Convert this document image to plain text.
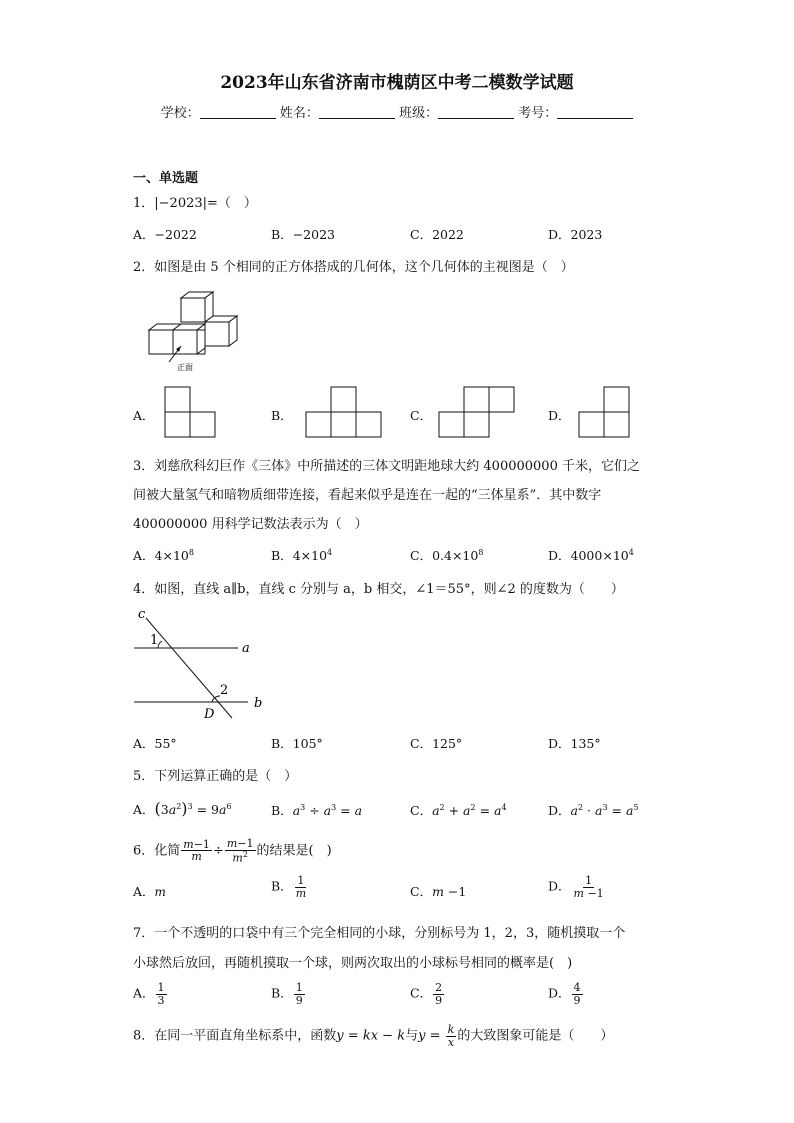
2023年山东省济南市槐荫区中考二模数学试题
学校：	姓名：	班级：	考号：
一、单选题
1．|−2023|=（　）
A．−2022	B．−2023	C．2022	D．2023
2．如图是由 5 个相同的正方体搭成的几何体，这个几何体的主视图是（　）
正面
A．	B．	C．	D．
3．刘慈欣科幻巨作《三体》中所描述的三体文明距地球大约 400000000 千米，它们之
间被大量氢气和暗物质细带连接，看起来似乎是连在一起的“三体星系”．其中数字
400000000 用科学记数法表示为（　）
A．$4\times 10^8$	B．$4\times 10^4$	C．$0.4\times 10^8$	D．$4000\times 10^4$
4．如图，直线 a∥b，直线 c 分别与 a，b 相交，∠1＝55°，则∠2 的度数为（　　）
c
1
a
2
b
D
A．55°	B．105°	C．125°	D．135°
5．下列运算正确的是（　）
A．$(3a^2)^3 = 9a^6$	B．$a^3 \div a^3 = a$	C．$a^2 + a^2 = a^4$	D．$a^2 \cdot a^3 = a^5$
6．化简 $\frac{m-1}{m} \div \frac{m-1}{m^2}$ 的结果是(　)
A．m	B． $\frac{1}{m}$	C．m −1	D． $\frac{1}{m -1}$
7．一个不透明的口袋中有三个完全相同的小球，分别标号为 1，2，3，随机摸取一个
小球然后放回，再随机摸取一个球，则两次取出的小球标号相同的概率是(　)
A． $\frac{1}{3}$	B． $\frac{1}{9}$	C． $\frac{2}{9}$	D． $\frac{4}{9}$
8．在同一平面直角坐标系中，函数y = kx − k与$y = \frac{k}{x}$ 的大致图象可能是（　　）
